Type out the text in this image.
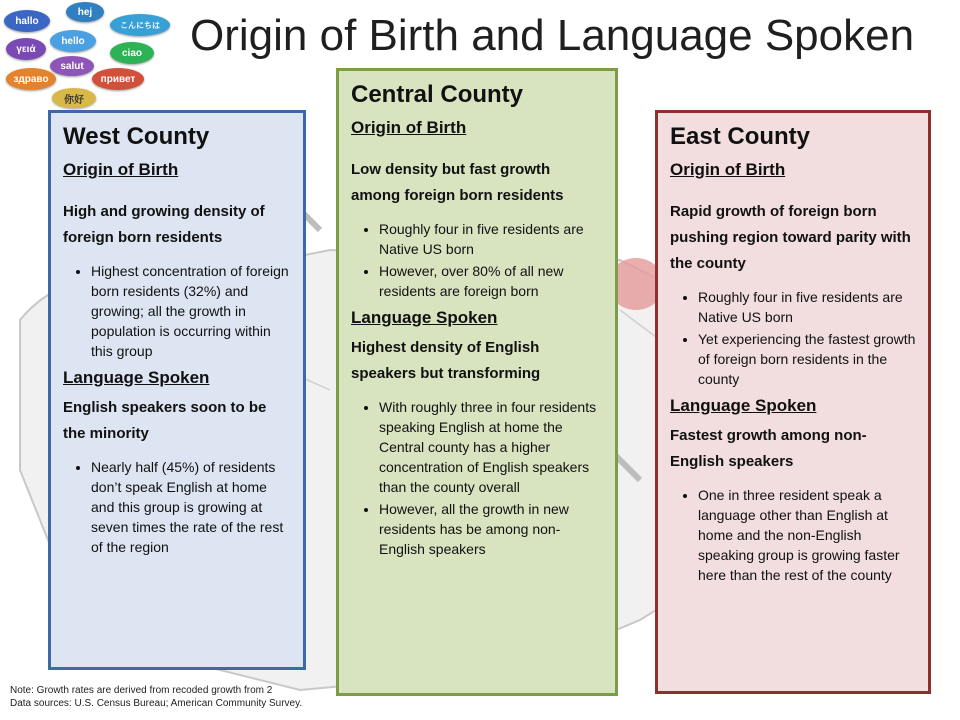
hej
hallo	こんにちは
γειά
hello
ciao
salut
здраво	привет
你好
Origin of Birth and Language Spoken
West County
Origin of Birth

High and growing density of foreign born residents

• Highest concentration of foreign born residents (32%) and growing; all the growth in population is occurring within this group
Language Spoken

English speakers soon to be the minority

• Nearly half (45%) of residents don’t speak English at home and this group is growing at seven times the rate of the rest of the region
Central County
Origin of Birth

Low density but fast growth among foreign born residents

• Roughly four in five residents are Native US born
• However, over 80% of all new residents are foreign born
Language Spoken

Highest density of English speakers but transforming

• With roughly three in four residents speaking English at home the Central county has a higher concentration of English speakers than the county overall
• However, all the growth in new residents has be among non-English speakers
East County
Origin of Birth

Rapid growth of foreign born pushing region toward parity with the county

• Roughly four in five residents are Native US born
• Yet experiencing the fastest growth of foreign born residents in the county
Language Spoken

Fastest growth among non-English speakers

• One in three resident speak a language other than English at home and the non-English speaking group is growing faster here than the rest of the county
Note: Growth rates are derived from recoded growth from 2
Data sources: U.S. Census Bureau; American Community Survey.
